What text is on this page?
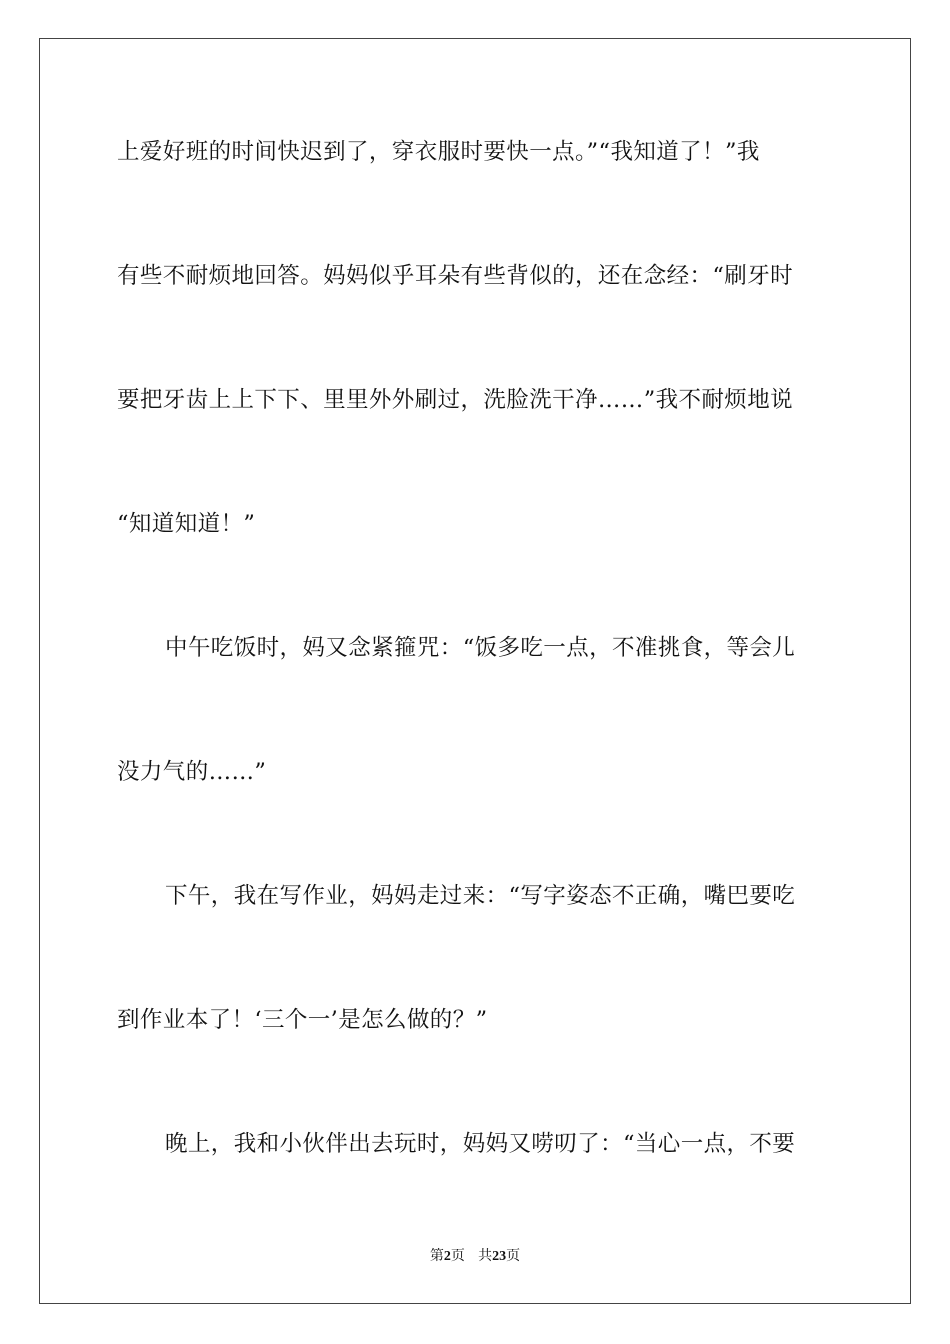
上爱好班的时间快迟到了，穿衣服时要快一点。”“我知道了！”我
有些不耐烦地回答。妈妈似乎耳朵有些背似的，还在念经：“刷牙时
要把牙齿上上下下、里里外外刷过，洗脸洗干净……”我不耐烦地说
“知道知道！”
中午吃饭时，妈又念紧箍咒：“饭多吃一点，不准挑食，等会儿
没力气的……”
下午，我在写作业，妈妈走过来：“写字姿态不正确，嘴巴要吃
到作业本了！‘三个一’是怎么做的？”
晚上，我和小伙伴出去玩时，妈妈又唠叨了：“当心一点，不要
第2页 共23页
